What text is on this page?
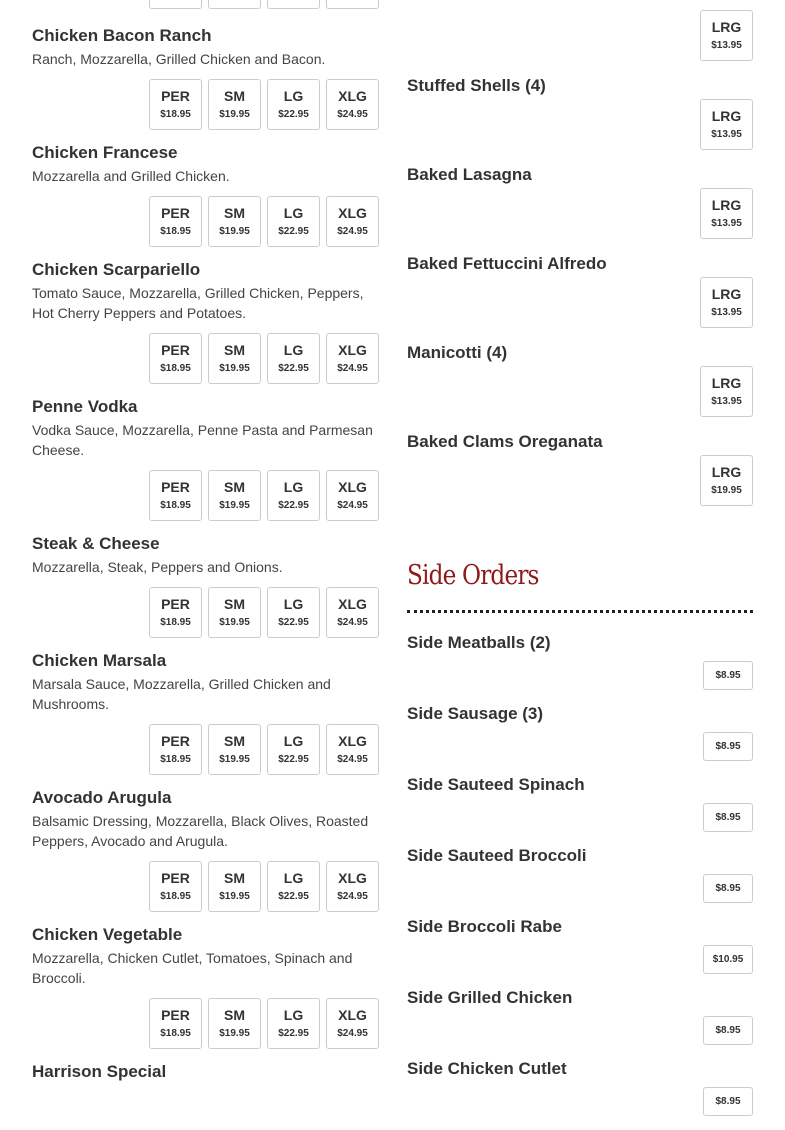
Chicken Bacon Ranch
Ranch, Mozzarella, Grilled Chicken and Bacon.
PER
$18.95
SM
$19.95
LG
$22.95
XLG
$24.95
Chicken Francese
Mozzarella and Grilled Chicken.
PER
$18.95
SM
$19.95
LG
$22.95
XLG
$24.95
Chicken Scarpariello
Tomato Sauce, Mozzarella, Grilled Chicken, Peppers, Hot Cherry Peppers and Potatoes.
PER
$18.95
SM
$19.95
LG
$22.95
XLG
$24.95
Penne Vodka
Vodka Sauce, Mozzarella, Penne Pasta and Parmesan Cheese.
PER
$18.95
SM
$19.95
LG
$22.95
XLG
$24.95
Steak & Cheese
Mozzarella, Steak, Peppers and Onions.
PER
$18.95
SM
$19.95
LG
$22.95
XLG
$24.95
Chicken Marsala
Marsala Sauce, Mozzarella, Grilled Chicken and Mushrooms.
PER
$18.95
SM
$19.95
LG
$22.95
XLG
$24.95
Avocado Arugula
Balsamic Dressing, Mozzarella, Black Olives, Roasted Peppers, Avocado and Arugula.
PER
$18.95
SM
$19.95
LG
$22.95
XLG
$24.95
Chicken Vegetable
Mozzarella, Chicken Cutlet, Tomatoes, Spinach and Broccoli.
PER
$18.95
SM
$19.95
LG
$22.95
XLG
$24.95
Harrison Special
LRG
$13.95
Stuffed Shells (4)
LRG
$13.95
Baked Lasagna
LRG
$13.95
Baked Fettuccini Alfredo
LRG
$13.95
Manicotti (4)
LRG
$13.95
Baked Clams Oreganata
LRG
$19.95
Side Orders
Side Meatballs (2)
$8.95
Side Sausage (3)
$8.95
Side Sauteed Spinach
$8.95
Side Sauteed Broccoli
$8.95
Side Broccoli Rabe
$10.95
Side Grilled Chicken
$8.95
Side Chicken Cutlet
$8.95
